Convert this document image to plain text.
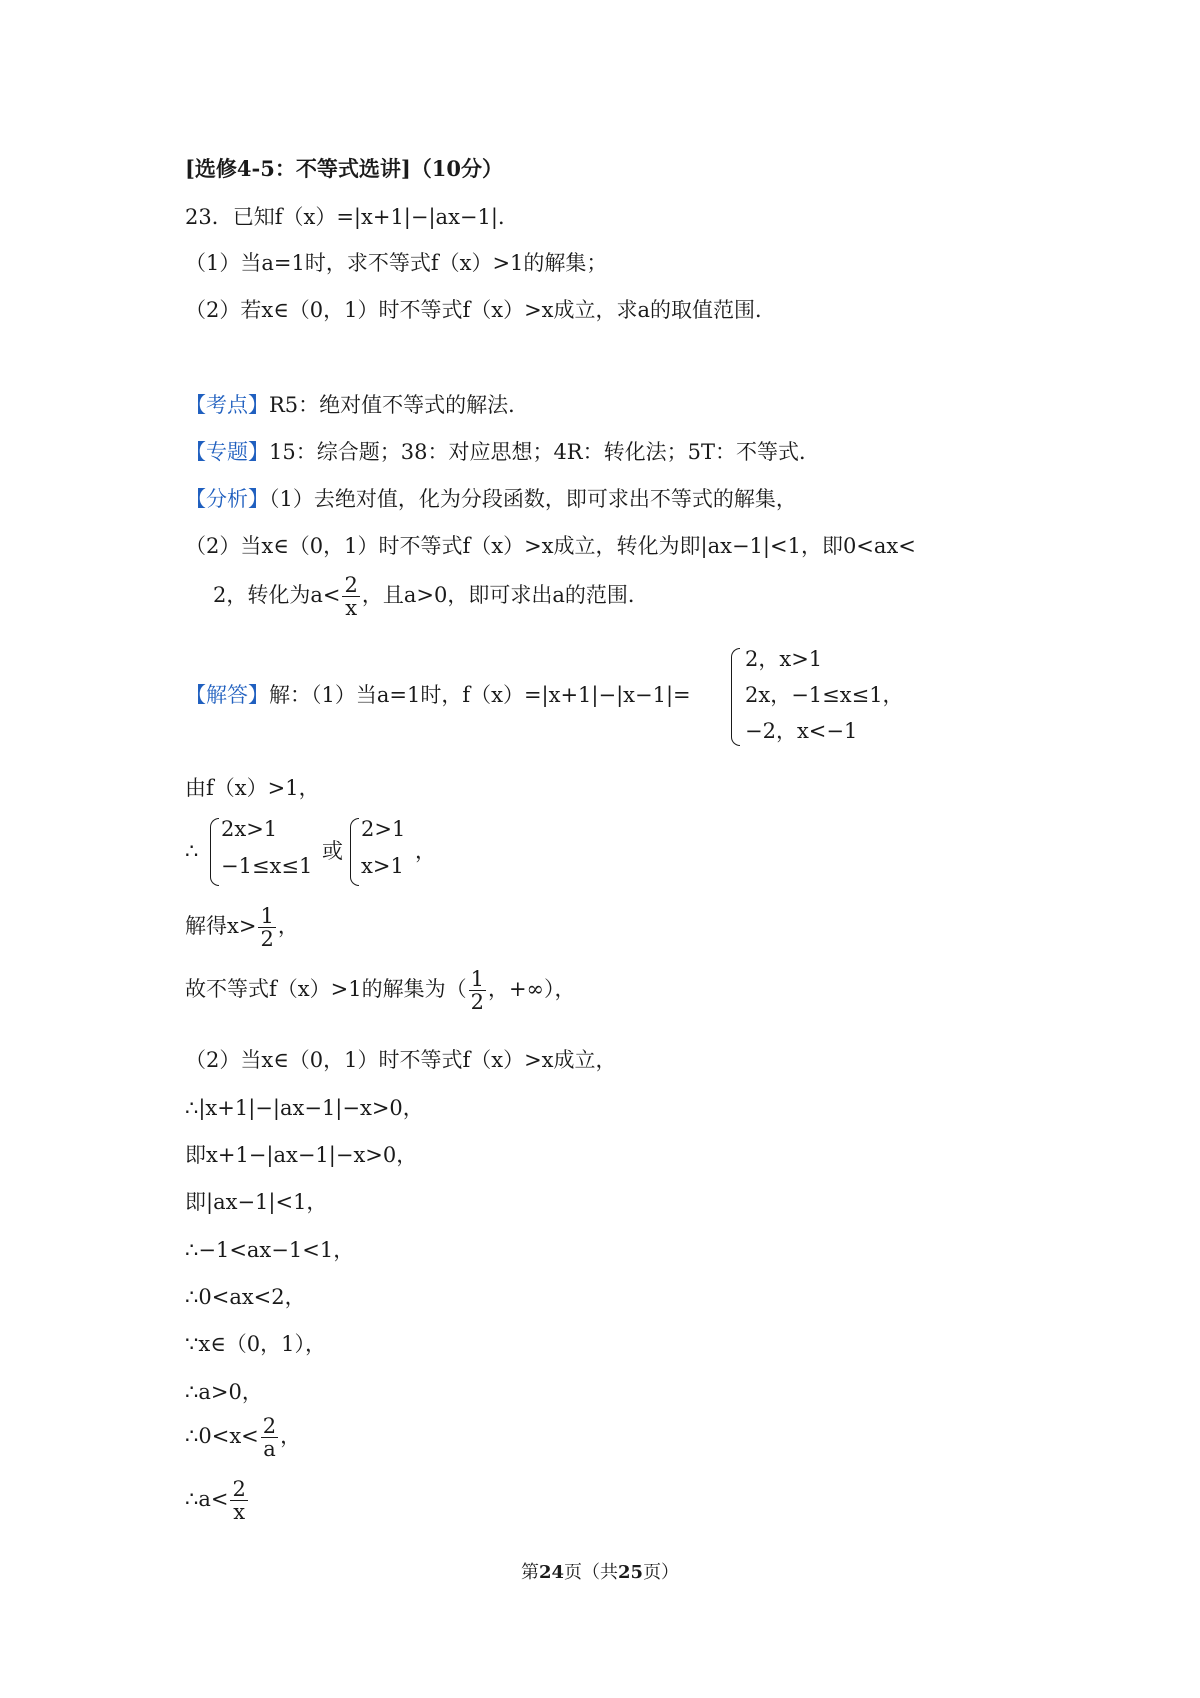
[选修4-5：不等式选讲]（10分）
23．已知f（x）=|x+1|−|ax−1|．
（1）当a=1时，求不等式f（x）>1的解集；
（2）若x∈（0，1）时不等式f（x）>x成立，求a的取值范围．
【考点】R5：绝对值不等式的解法．
【专题】15：综合题；38：对应思想；4R：转化法；5T：不等式．
【分析】（1）去绝对值，化为分段函数，即可求出不等式的解集，
（2）当x∈（0，1）时不等式f（x）>x成立，转化为即|ax−1|<1，即0<ax<
2，转化为$a< \frac{2}{x}$ ，且a>0，即可求出a的范围．
【解答】解：（1）当a=1时，f（x）=|x+1|−|x−1|=
2，x>1
2x，−1≤x≤1，
−2，x<−1
由f（x）>1，
∴
2x>1
−1≤x≤1
或
2>1
x>1
，
解得$x> \frac{1}{2}$ ，
故不等式f（x）>1的解集为（ $\frac{1}{2}$ ，+∞），
（2）当x∈（0，1）时不等式f（x）>x成立，
∴|x+1|−|ax−1|−x>0，
即x+1−|ax−1|−x>0，
即|ax−1|<1，
∴−1<ax−1<1，
∴0<ax<2，
∵x∈（0，1），
∴a>0，
∴0<x< $\frac{2}{a}$ ，
∴a< $\frac{2}{x}$
第24页（共25页）
